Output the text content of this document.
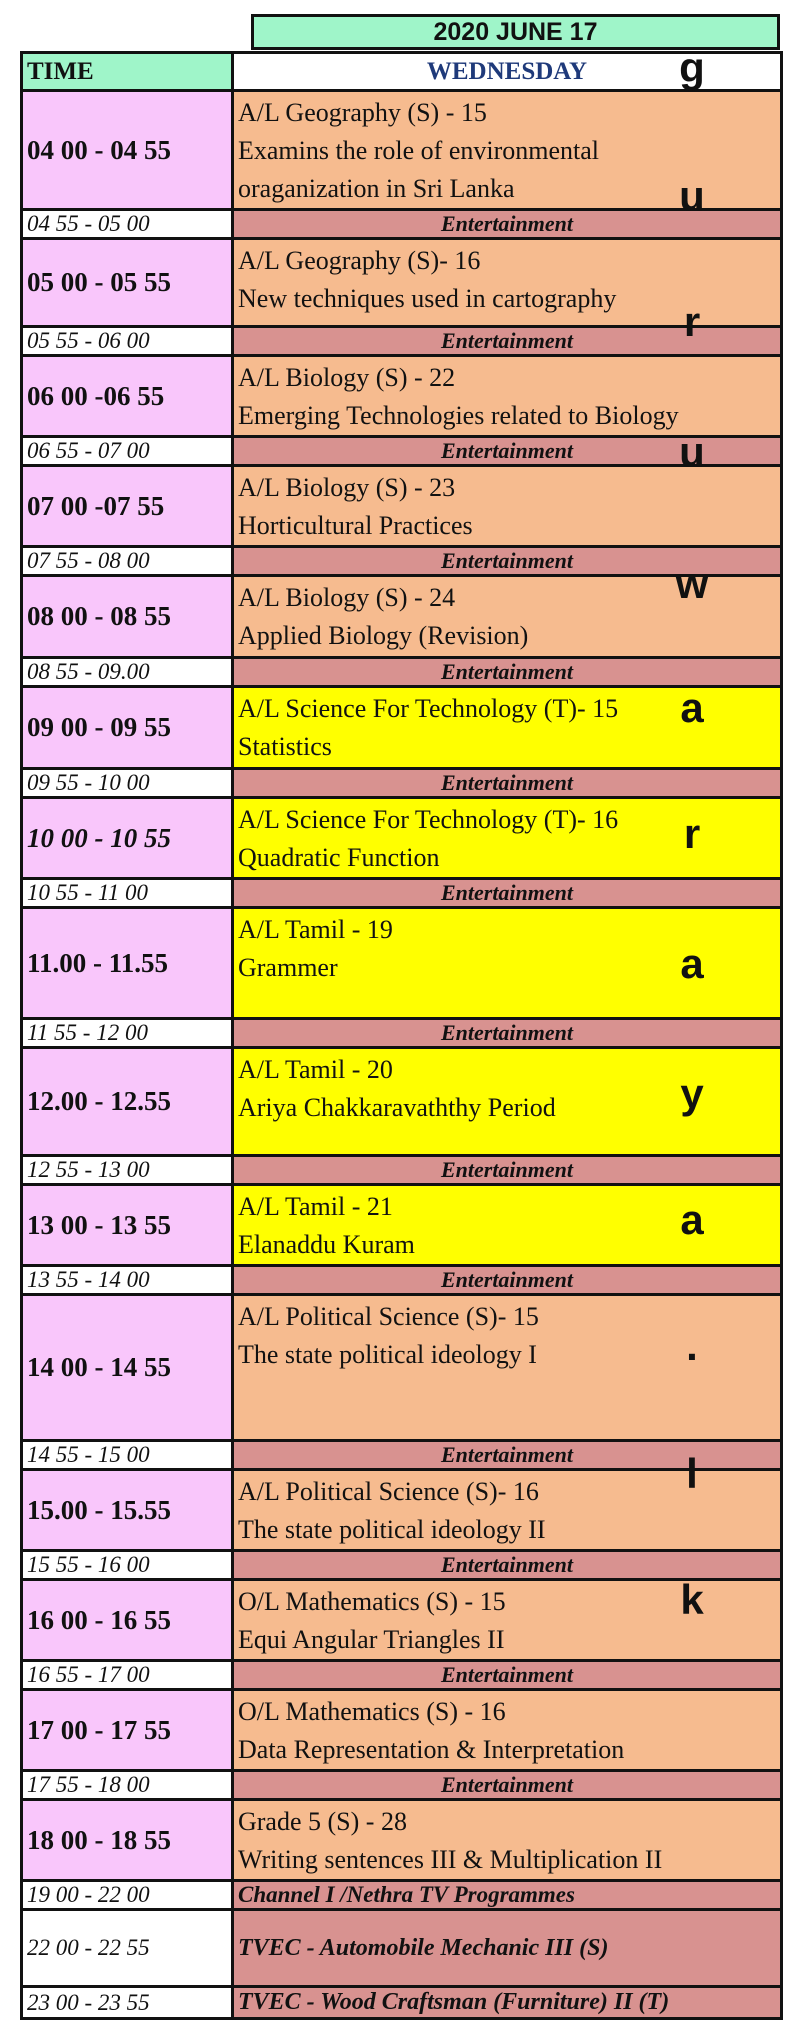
2020 JUNE 17
TIME	WEDNESDAY
04 00 - 04 55	A/L Geography (S) - 15
Examins the role of environmental
oraganization in Sri Lanka

04 55 - 05 00	Entertainment
05 00 - 05 55	A/L Geography (S)- 16
New techniques used in cartography

05 55 - 06 00	Entertainment
06 00 -06 55	A/L Biology (S) - 22
Emerging Technologies related to Biology

06 55 - 07 00	Entertainment
07 00 -07 55	A/L Biology (S) - 23
Horticultural Practices

07 55 - 08 00	Entertainment
08 00 - 08 55	A/L Biology (S) - 24
Applied Biology (Revision)

08 55 - 09.00	Entertainment
09 00 - 09 55	A/L Science For Technology (T)- 15
Statistics

09 55 - 10 00	Entertainment
10 00 - 10 55	A/L Science For Technology (T)- 16
Quadratic Function

10 55 - 11 00	Entertainment
11.00 - 11.55	A/L Tamil - 19
Grammer

11 55 - 12 00	Entertainment
12.00 - 12.55	A/L Tamil - 20
Ariya Chakkaravaththy Period

12 55 - 13 00	Entertainment
13 00 - 13 55	A/L Tamil - 21
Elanaddu Kuram

13 55 - 14 00	Entertainment
14 00 - 14 55	A/L Political Science (S)- 15
The state political ideology I

14 55 - 15 00	Entertainment
15.00 - 15.55	A/L Political Science (S)- 16
The state political ideology II

15 55 - 16 00	Entertainment
16 00 - 16 55	O/L Mathematics (S) - 15
Equi Angular Triangles II

16 55 - 17 00	Entertainment
17 00 - 17 55	O/L Mathematics (S) - 16
Data Representation & Interpretation

17 55 - 18 00	Entertainment
18 00 - 18 55	Grade 5 (S) - 28
Writing sentences III & Multiplication II

19 00 - 22 00	Channel I /Nethra TV Programmes
22 00 - 22 55	TVEC - Automobile Mechanic III (S)
23 00 - 23 55	TVEC - Wood Craftsman (Furniture) II (T)
g
u
r
u
w
a
r
a
y
a
.
l
k
